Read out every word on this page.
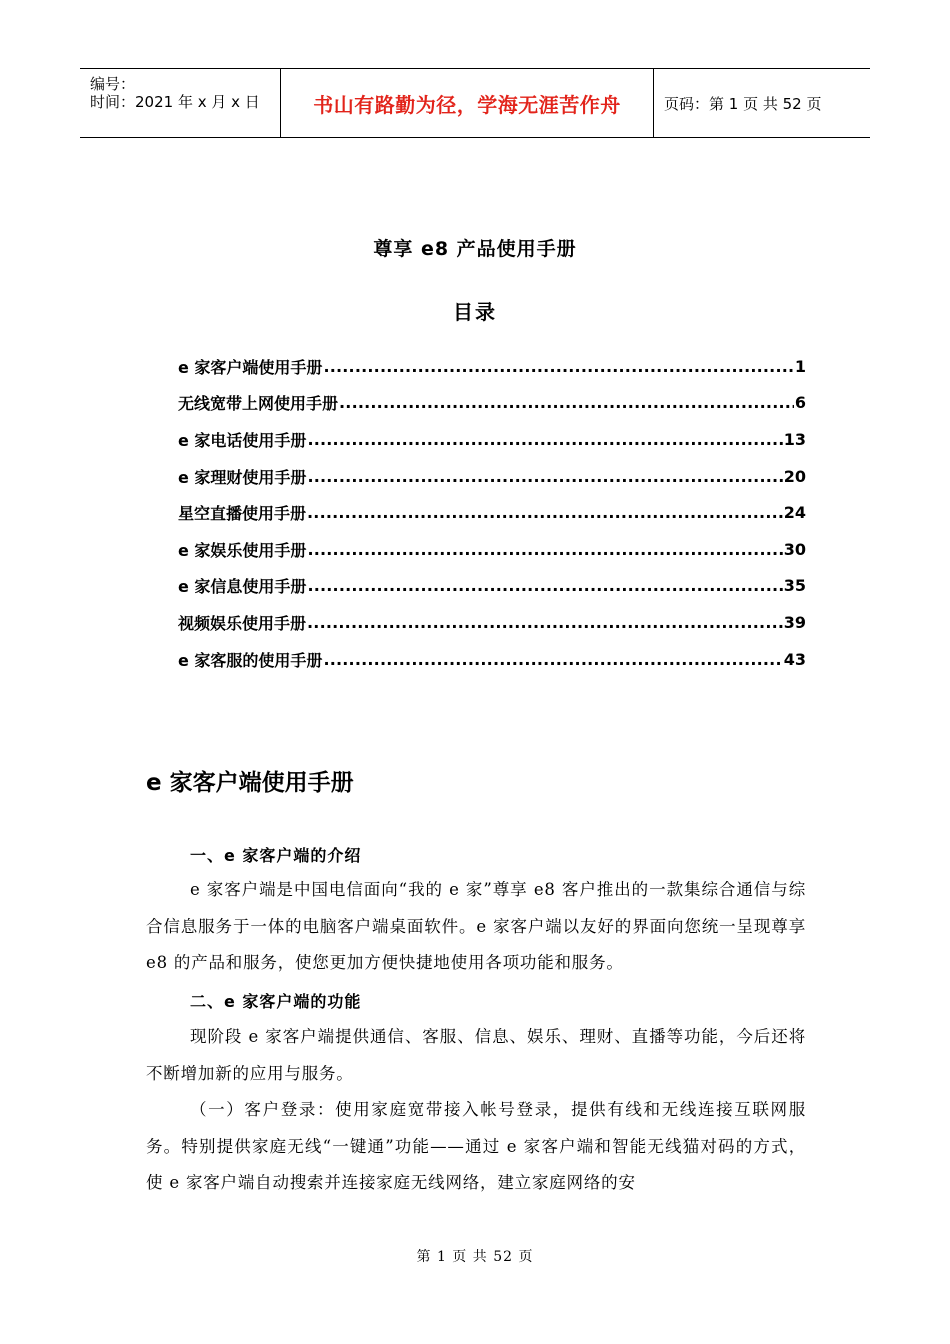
编号：
时间：2021 年 x 月 x 日	书山有路勤为径，学海无涯苦作舟	页码：第 1 页 共 52 页
尊享 e8 产品使用手册
目录
e 家客户端使用手册 .....	1
无线宽带上网使用手册 .....	6
e 家电话使用手册 .....	13
e 家理财使用手册 .....	20
星空直播使用手册 .....	24
e 家娱乐使用手册 .....	30
e 家信息使用手册 .....	35
视频娱乐使用手册 .....	39
e 家客服的使用手册 .....	43
e 家客户端使用手册
一、e 家客户端的介绍
e 家客户端是中国电信面向“我的 e 家”尊享 e8 客户推出的一款集综合通信与综合信息服务于一体的电脑客户端桌面软件。e 家客户端以友好的界面向您统一呈现尊享 e8 的产品和服务，使您更加方便快捷地使用各项功能和服务。
二、e 家客户端的功能
现阶段 e 家客户端提供通信、客服、信息、娱乐、理财、直播等功能，今后还将不断增加新的应用与服务。
（一）客户登录：使用家庭宽带接入帐号登录，提供有线和无线连接互联网服务。特别提供家庭无线“一键通”功能——通过 e 家客户端和智能无线猫对码的方式，使 e 家客户端自动搜索并连接家庭无线网络，建立家庭网络的安
第 1 页 共 52 页
